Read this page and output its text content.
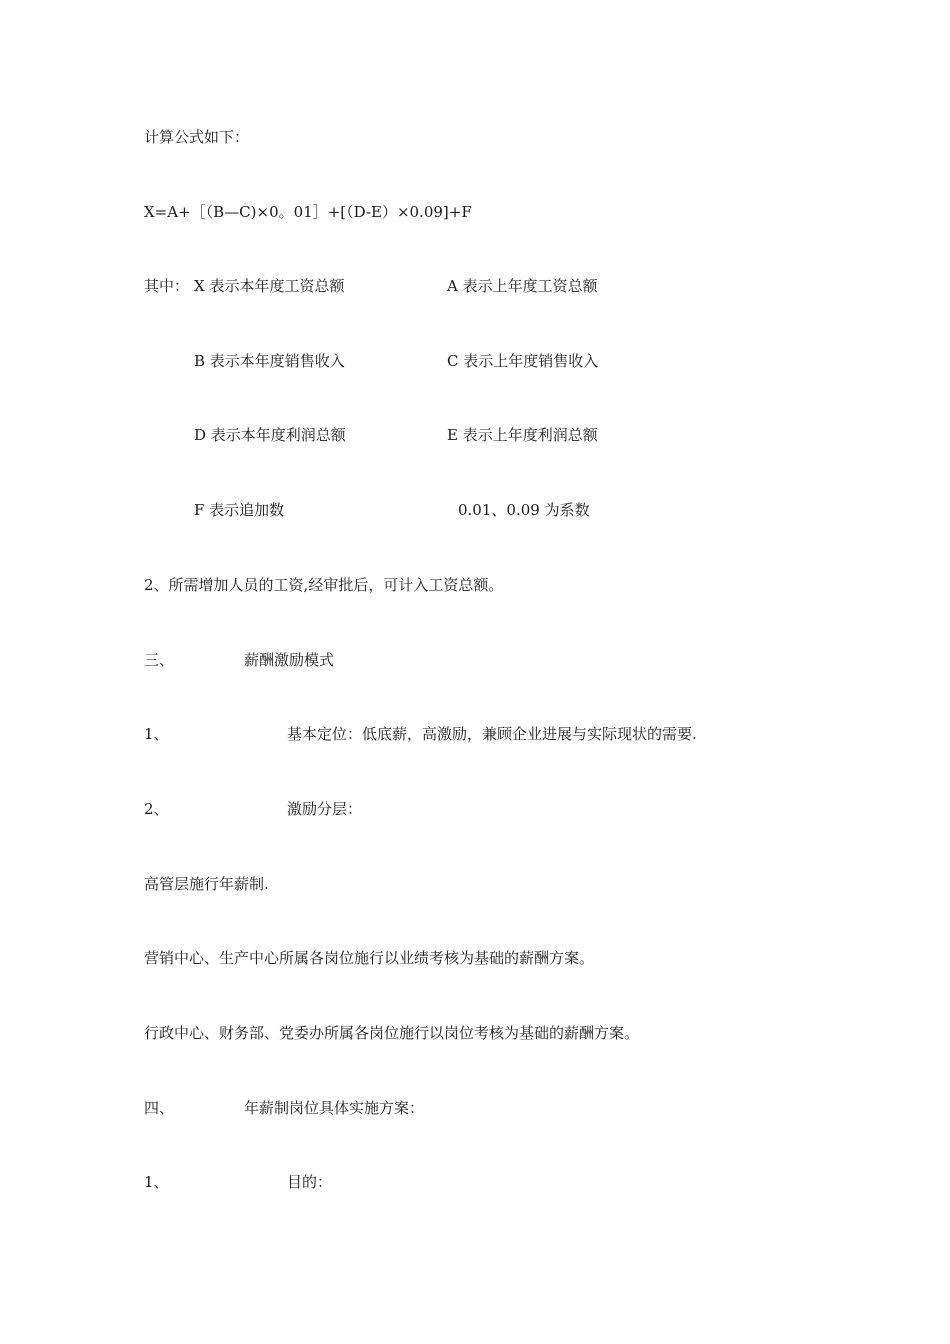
计算公式如下：
X=A+［（B—C)×0。01］+[（D-E）×0.09]+F
其中： X 表示本年度工资总额	A 表示上年度工资总额
B 表示本年度销售收入	C 表示上年度销售收入
D 表示本年度利润总额	E 表示上年度利润总额
F 表示追加数	0.01、0.09 为系数
2、所需增加人员的工资,经审批后，可计入工资总额。
三、	薪酬激励模式
1、	基本定位：低底薪，高激励，兼顾企业进展与实际现状的需要.
2、	激励分层：
高管层施行年薪制.
营销中心、生产中心所属各岗位施行以业绩考核为基础的薪酬方案。
行政中心、财务部、党委办所属各岗位施行以岗位考核为基础的薪酬方案。
四、	年薪制岗位具体实施方案：
1、	目的：
